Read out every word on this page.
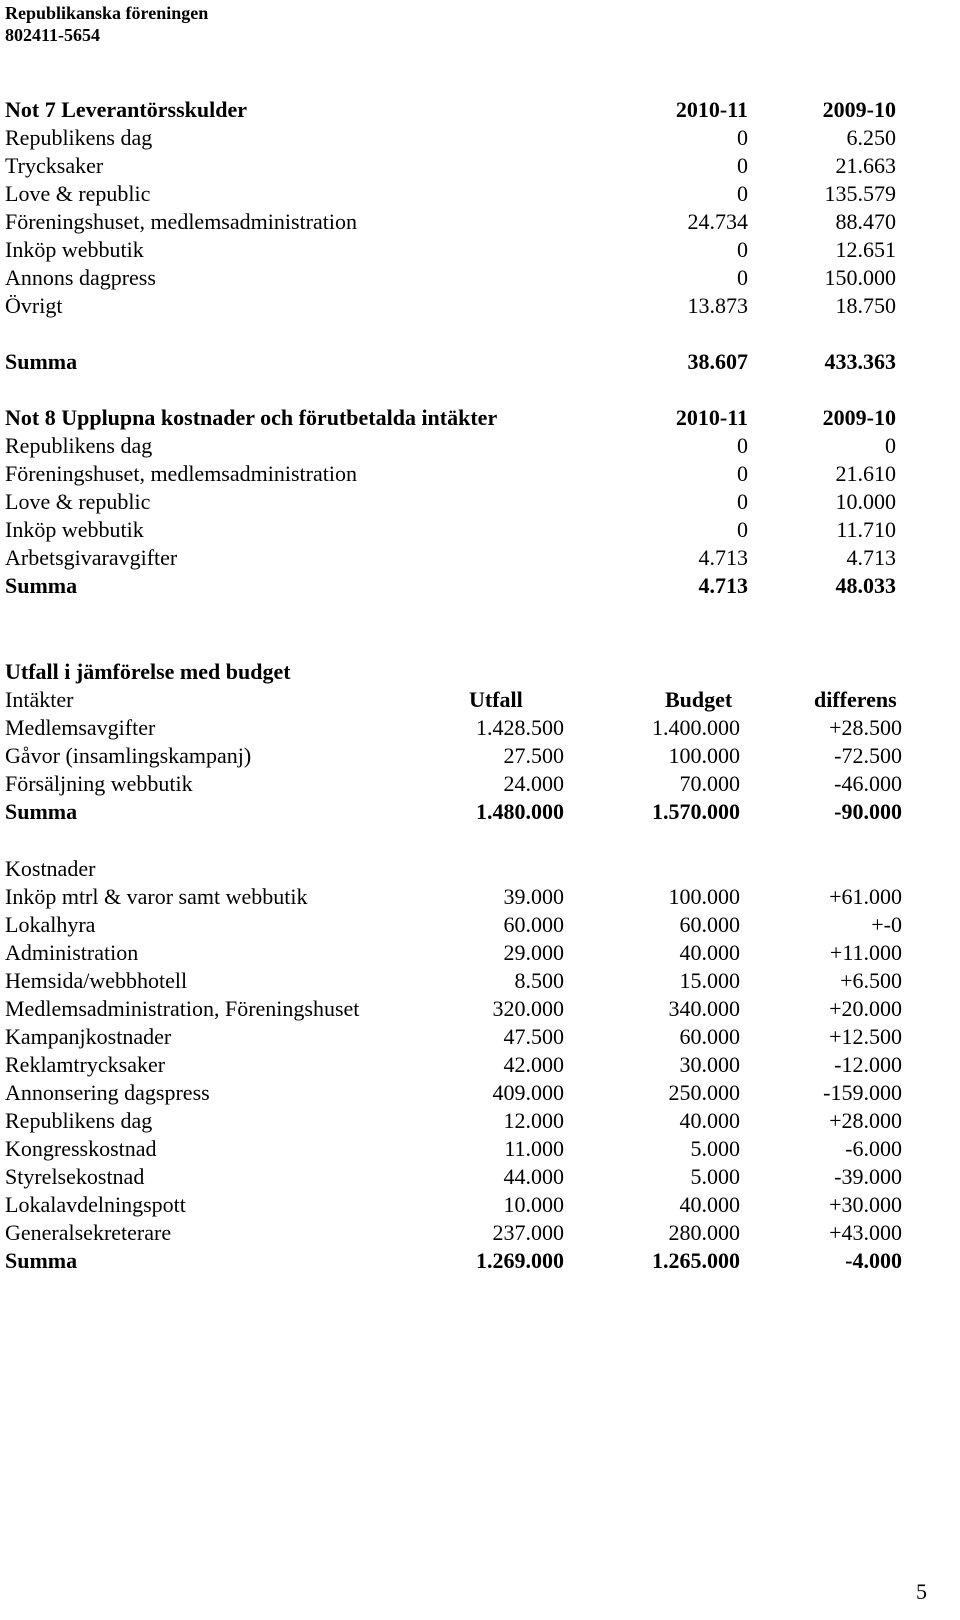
Republikanska föreningen
802411-5654
Not 7 Leverantörsskulder	2010-11	2009-10
Republikens dag	0	6.250
Trycksaker	0	21.663
Love & republic	0	135.579
Föreningshuset, medlemsadministration	24.734	88.470
Inköp webbutik	0	12.651
Annons dagpress	0	150.000
Övrigt	13.873	18.750
Summa	38.607	433.363
Not 8 Upplupna kostnader och förutbetalda intäkter	2010-11	2009-10
Republikens dag	0	0
Föreningshuset, medlemsadministration	0	21.610
Love & republic	0	10.000
Inköp webbutik	0	11.710
Arbetsgivaravgifter	4.713	4.713
Summa	4.713	48.033
Utfall i jämförelse med budget
Intäkter	Utfall	Budget	differens
Medlemsavgifter	1.428.500	1.400.000	+28.500
Gåvor (insamlingskampanj)	27.500	100.000	-72.500
Försäljning webbutik	24.000	70.000	-46.000
Summa	1.480.000	1.570.000	-90.000
Kostnader
Inköp mtrl & varor samt webbutik	39.000	100.000	+61.000
Lokalhyra	60.000	60.000	+-0
Administration	29.000	40.000	+11.000
Hemsida/webbhotell	8.500	15.000	+6.500
Medlemsadministration, Föreningshuset	320.000	340.000	+20.000
Kampanjkostnader	47.500	60.000	+12.500
Reklamtrycksaker	42.000	30.000	-12.000
Annonsering dagspress	409.000	250.000	-159.000
Republikens dag	12.000	40.000	+28.000
Kongresskostnad	11.000	5.000	-6.000
Styrelsekostnad	44.000	5.000	-39.000
Lokalavdelningspott	10.000	40.000	+30.000
Generalsekreterare	237.000	280.000	+43.000
Summa	1.269.000	1.265.000	-4.000
5
